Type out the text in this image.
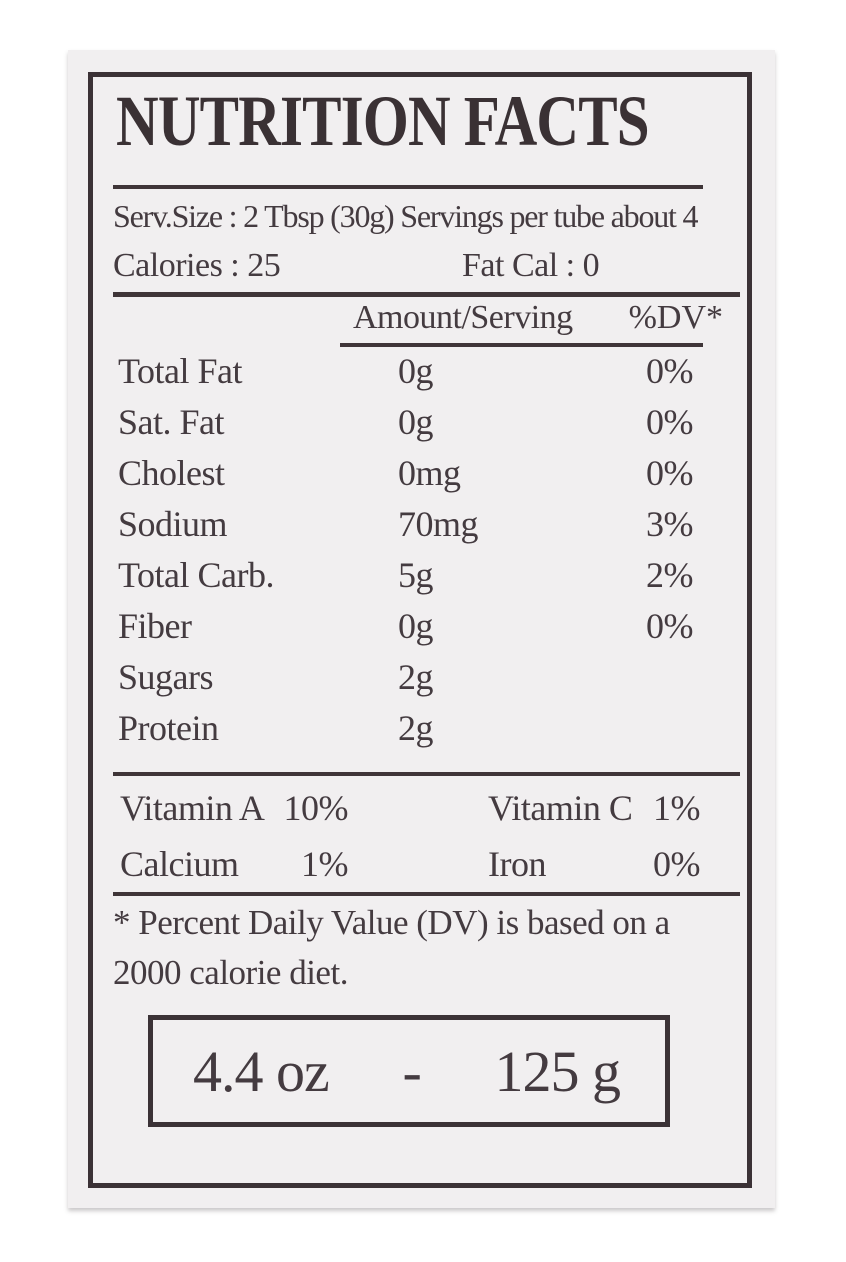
NUTRITION FACTS
Serv.Size : 2 Tbsp (30g) Servings per tube about 4
Calories : 25	Fat Cal : 0
Amount/Serving %DV*
Total Fat	0g	0%
Sat. Fat	0g	0%
Cholest	0mg	0%
Sodium	70mg	3%
Total Carb.	5g	2%
Fiber	0g	0%
Sugars	2g
Protein	2g
Vitamin A 10%	Vitamin C 1%
Calcium	1%	Iron	0%
* Percent Daily Value (DV) is based on a
2000 calorie diet.
4.4 oz - 125 g
